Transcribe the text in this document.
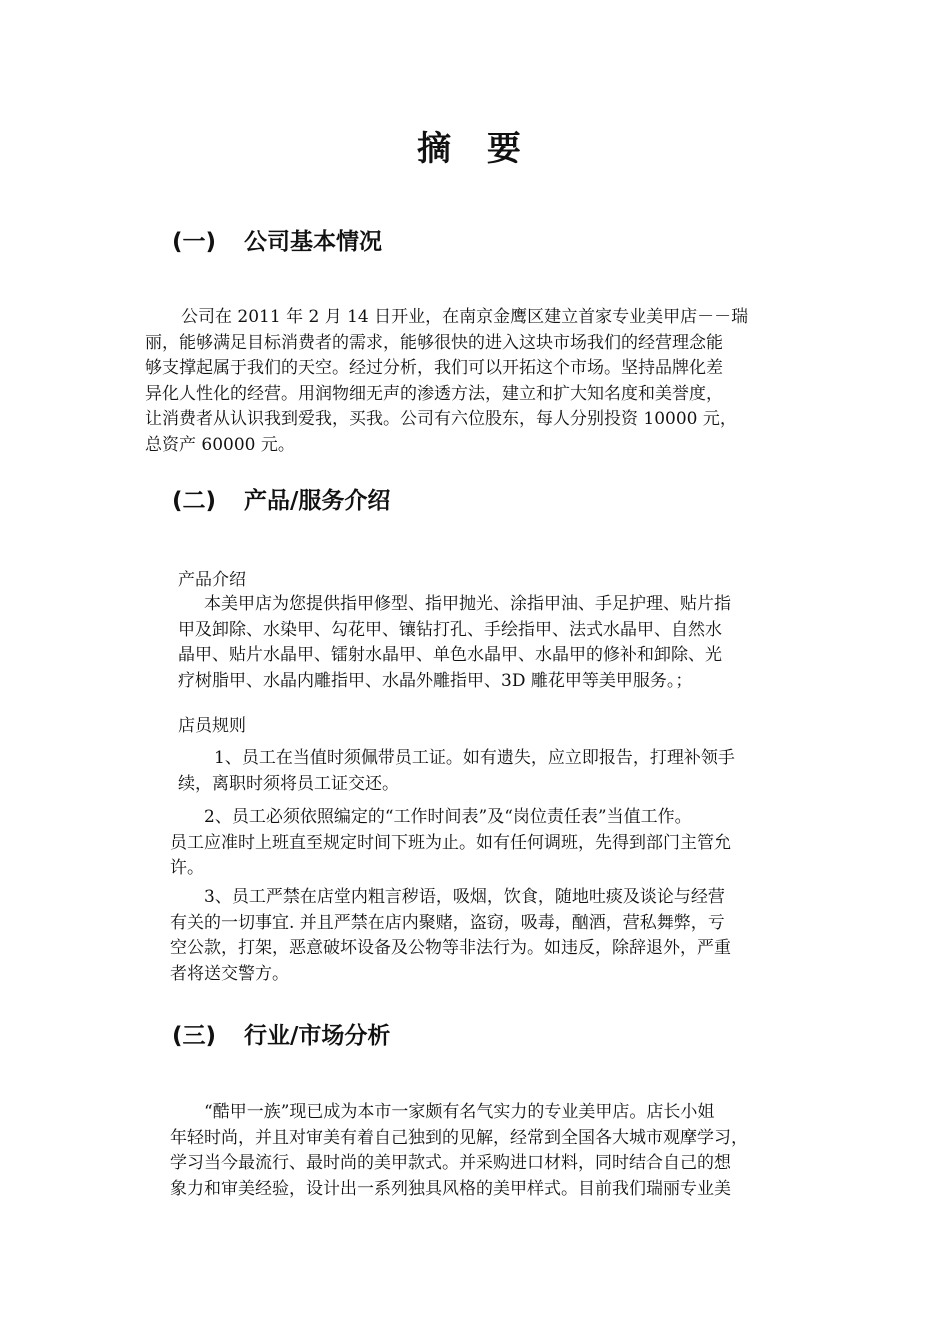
摘 要
(一) 公司基本情况
公司在 2011 年 2 月 14 日开业，在南京金鹰区建立首家专业美甲店－－瑞
丽，能够满足目标消费者的需求，能够很快的进入这块市场我们的经营理念能
够支撑起属于我们的天空。经过分析，我们可以开拓这个市场。坚持品牌化差
异化人性化的经营。用润物细无声的渗透方法，建立和扩大知名度和美誉度，
让消费者从认识我到爱我，买我。公司有六位股东，每人分别投资 10000 元，
总资产 60000 元。
(二) 产品/服务介绍
产品介绍
本美甲店为您提供指甲修型、指甲抛光、涂指甲油、手足护理、贴片指
甲及卸除、水染甲、勾花甲、镶钻打孔、手绘指甲、法式水晶甲、自然水
晶甲、贴片水晶甲、镭射水晶甲、单色水晶甲、水晶甲的修补和卸除、光
疗树脂甲、水晶内雕指甲、水晶外雕指甲、3D 雕花甲等美甲服务。；
店员规则
1、员工在当值时须佩带员工证。如有遗失，应立即报告，打理补领手
续，离职时须将员工证交还。
2、员工必须依照编定的“工作时间表”及“岗位责任表”当值工作。
员工应准时上班直至规定时间下班为止。如有任何调班，先得到部门主管允
许。
3、员工严禁在店堂内粗言秽语，吸烟，饮食，随地吐痰及谈论与经营
有关的一切事宜. 并且严禁在店内聚赌，盗窃，吸毒，酗酒，营私舞弊，亏
空公款，打架，恶意破坏设备及公物等非法行为。如违反，除辞退外，严重
者将送交警方。
(三) 行业/市场分析
“酷甲一族”现已成为本市一家颇有名气实力的专业美甲店。店长小姐
年轻时尚，并且对审美有着自己独到的见解，经常到全国各大城市观摩学习，
学习当今最流行、最时尚的美甲款式。并采购进口材料，同时结合自己的想
象力和审美经验，设计出一系列独具风格的美甲样式。目前我们瑞丽专业美
